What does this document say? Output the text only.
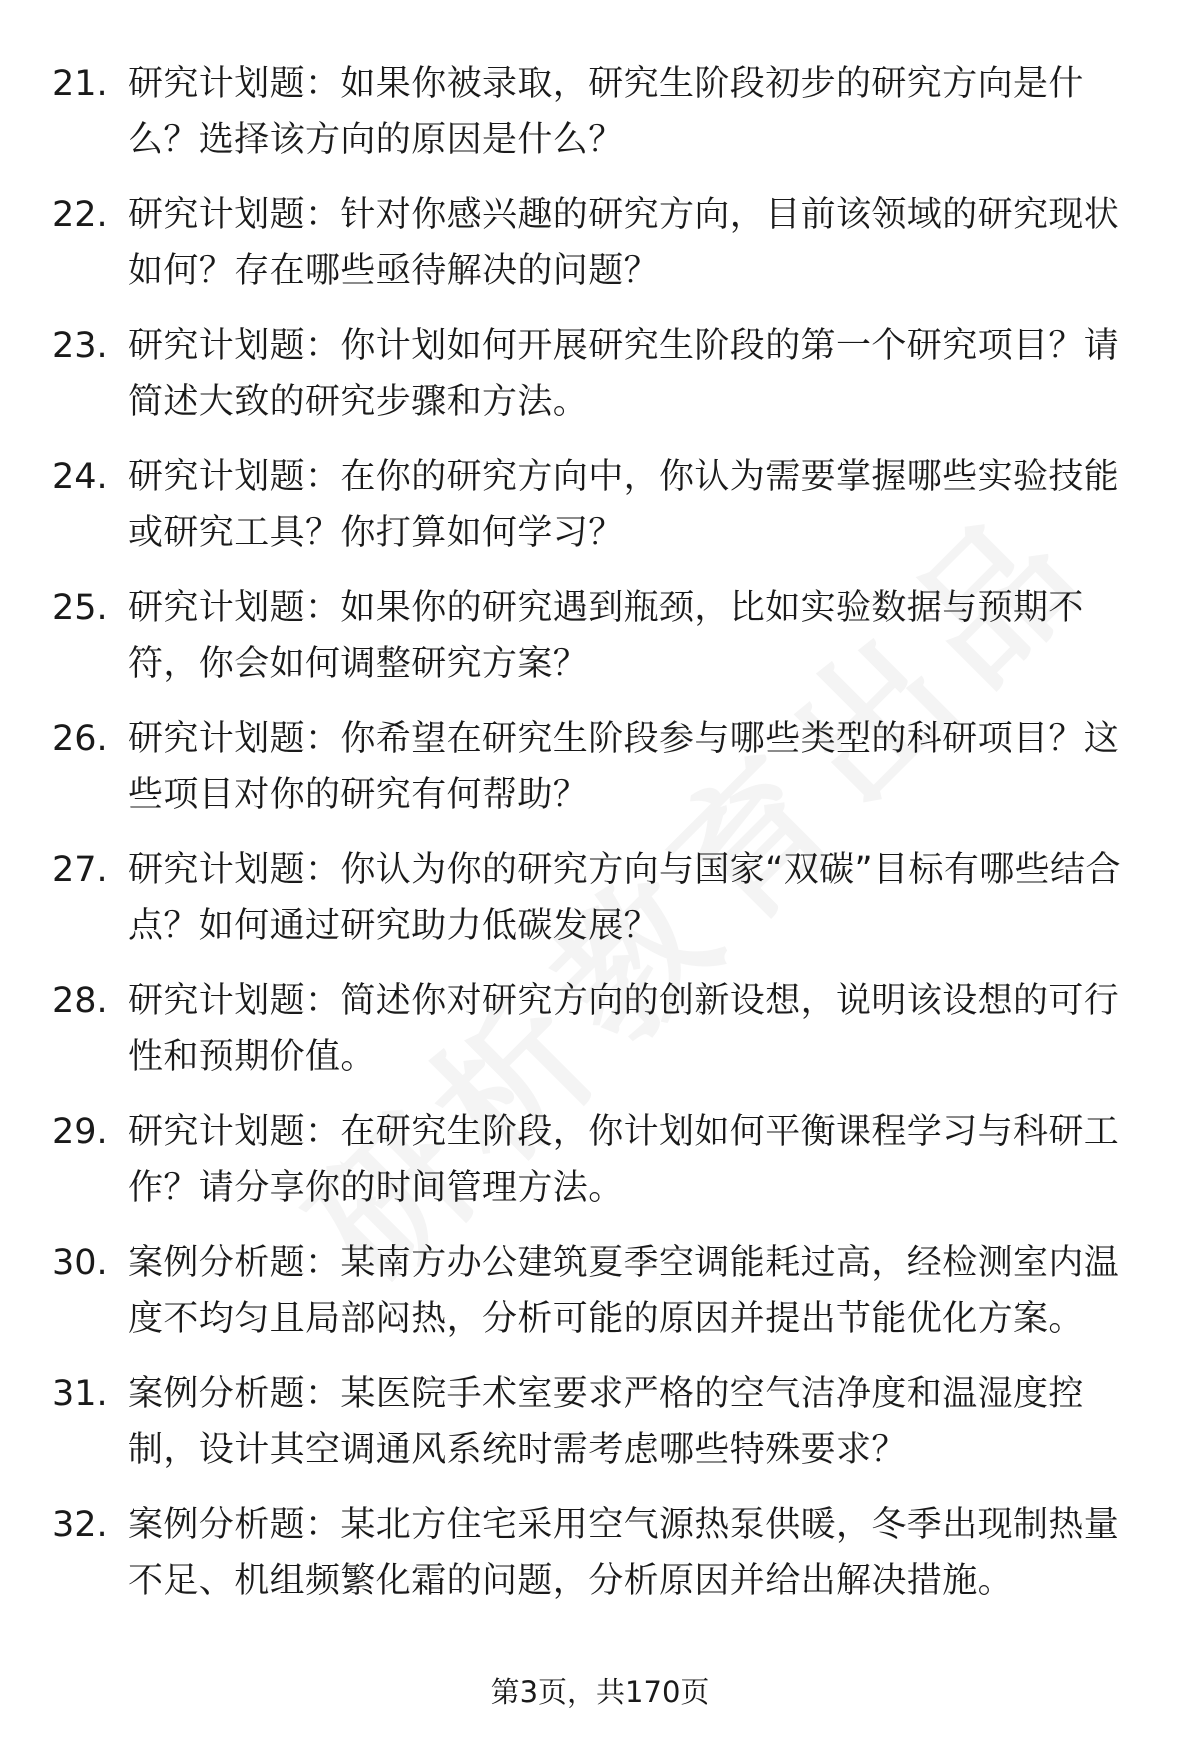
21. 研究计划题：如果你被录取，研究生阶段初步的研究方向是什么？选择该方向的原因是什么？
22. 研究计划题：针对你感兴趣的研究方向，目前该领域的研究现状如何？存在哪些亟待解决的问题？
23. 研究计划题：你计划如何开展研究生阶段的第一个研究项目？请简述大致的研究步骤和方法。
24. 研究计划题：在你的研究方向中，你认为需要掌握哪些实验技能或研究工具？你打算如何学习？
25. 研究计划题：如果你的研究遇到瓶颈，比如实验数据与预期不符，你会如何调整研究方案？
26. 研究计划题：你希望在研究生阶段参与哪些类型的科研项目？这些项目对你的研究有何帮助？
27. 研究计划题：你认为你的研究方向与国家“双碳”目标有哪些结合点？如何通过研究助力低碳发展？
28. 研究计划题：简述你对研究方向的创新设想，说明该设想的可行性和预期价值。
29. 研究计划题：在研究生阶段，你计划如何平衡课程学习与科研工作？请分享你的时间管理方法。
30. 案例分析题：某南方办公建筑夏季空调能耗过高，经检测室内温度不均匀且局部闷热，分析可能的原因并提出节能优化方案。
31. 案例分析题：某医院手术室要求严格的空气洁净度和温湿度控制，设计其空调通风系统时需考虑哪些特殊要求？
32. 案例分析题：某北方住宅采用空气源热泵供暖，冬季出现制热量不足、机组频繁化霜的问题，分析原因并给出解决措施。
第3页，共170页
